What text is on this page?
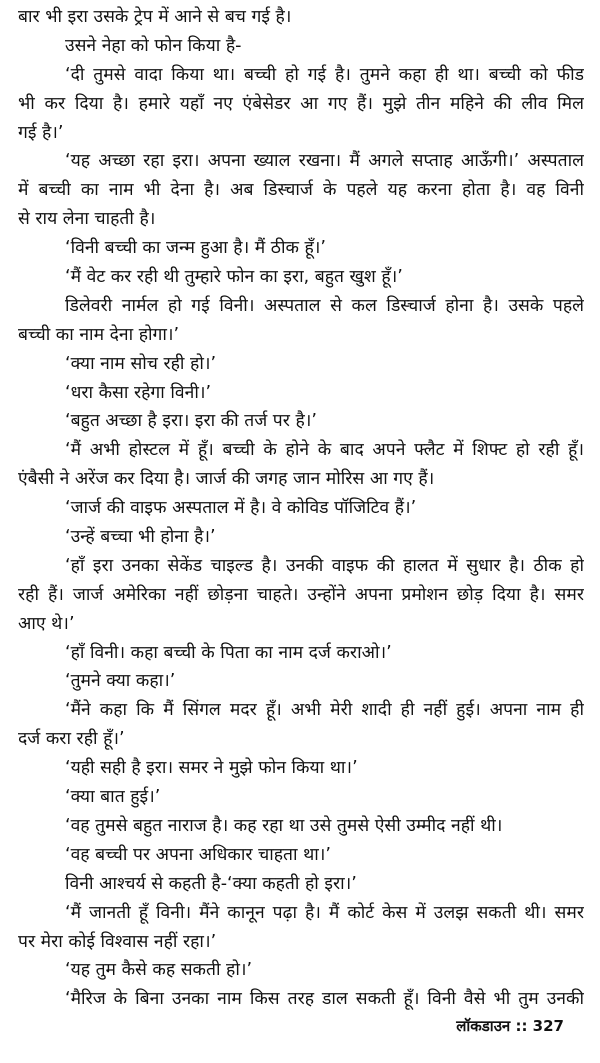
बार भी इरा उसके ट्रेप में आने से बच गई है।
उसने नेहा को फोन किया है-
‘दी तुमसे वादा किया था। बच्ची हो गई है। तुमने कहा ही था। बच्ची को फीड
भी कर दिया है। हमारे यहाँ नए एंबेसेडर आ गए हैं। मुझे तीन महिने की लीव मिल
गई है।’
‘यह अच्छा रहा इरा। अपना ख्याल रखना। मैं अगले सप्ताह आऊँगी।’ अस्पताल
में बच्ची का नाम भी देना है। अब डिस्चार्ज के पहले यह करना होता है। वह विनी
से राय लेना चाहती है।
‘विनी बच्ची का जन्म हुआ है। मैं ठीक हूँ।’
‘मैं वेट कर रही थी तुम्हारे फोन का इरा, बहुत खुश हूँ।’
डिलेवरी नार्मल हो गई विनी। अस्पताल से कल डिस्चार्ज होना है। उसके पहले
बच्ची का नाम देना होगा।’
‘क्या नाम सोच रही हो।’
‘धरा कैसा रहेगा विनी।’
‘बहुत अच्छा है इरा। इरा की तर्ज पर है।’
‘मैं अभी होस्टल में हूँ। बच्ची के होने के बाद अपने फ्लैट में शिफ्ट हो रही हूँ।
एंबैसी ने अरेंज कर दिया है। जार्ज की जगह जान मोरिस आ गए हैं।
‘जार्ज की वाइफ अस्पताल में है। वे कोविड पॉजिटिव हैं।’
‘उन्हें बच्चा भी होना है।’
‘हाँ इरा उनका सेकेंड चाइल्ड है। उनकी वाइफ की हालत में सुधार है। ठीक हो
रही हैं। जार्ज अमेरिका नहीं छोड़ना चाहते। उन्होंने अपना प्रमोशन छोड़ दिया है। समर
आए थे।’
‘हाँ विनी। कहा बच्ची के पिता का नाम दर्ज कराओ।’
‘तुमने क्या कहा।’
‘मैंने कहा कि मैं सिंगल मदर हूँ। अभी मेरी शादी ही नहीं हुई। अपना नाम ही
दर्ज करा रही हूँ।’
‘यही सही है इरा। समर ने मुझे फोन किया था।’
‘क्या बात हुई।’
‘वह तुमसे बहुत नाराज है। कह रहा था उसे तुमसे ऐसी उम्मीद नहीं थी।
‘वह बच्ची पर अपना अधिकार चाहता था।’
विनी आश्चर्य से कहती है-‘क्या कहती हो इरा।’
‘मैं जानती हूँ विनी। मैंने कानून पढ़ा है। मैं कोर्ट केस में उलझ सकती थी। समर
पर मेरा कोई विश्वास नहीं रहा।’
‘यह तुम कैसे कह सकती हो।’
‘मैरिज के बिना उनका नाम किस तरह डाल सकती हूँ। विनी वैसे भी तुम उनकी
लॉकडाउन :: 327
